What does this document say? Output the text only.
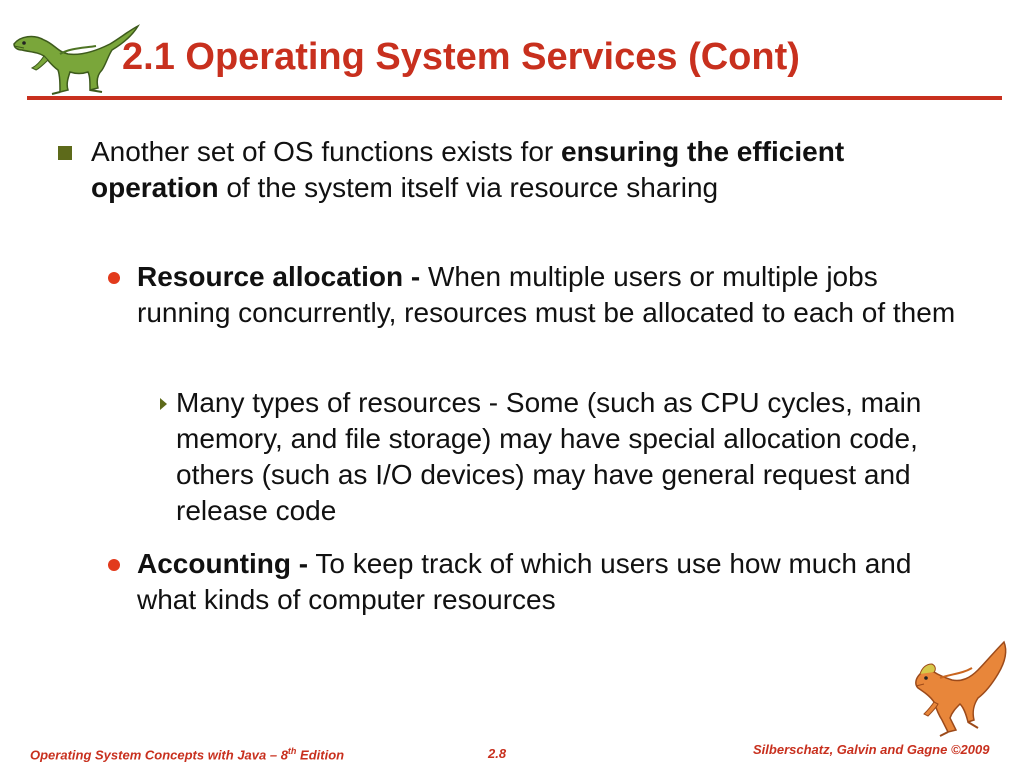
2.1 Operating System Services (Cont)

Another set of OS functions exists for ensuring the efficient operation of the system itself via resource sharing

Resource allocation - When multiple users or multiple jobs running concurrently, resources must be allocated to each of them

Many types of resources - Some (such as CPU cycles, main memory, and file storage) may have special allocation code, others (such as I/O devices) may have general request and release code

Accounting - To keep track of which users use how much and what kinds of computer resources

Operating System Concepts with Java – 8th Edition	2.8	Silberschatz, Galvin and Gagne ©2009
